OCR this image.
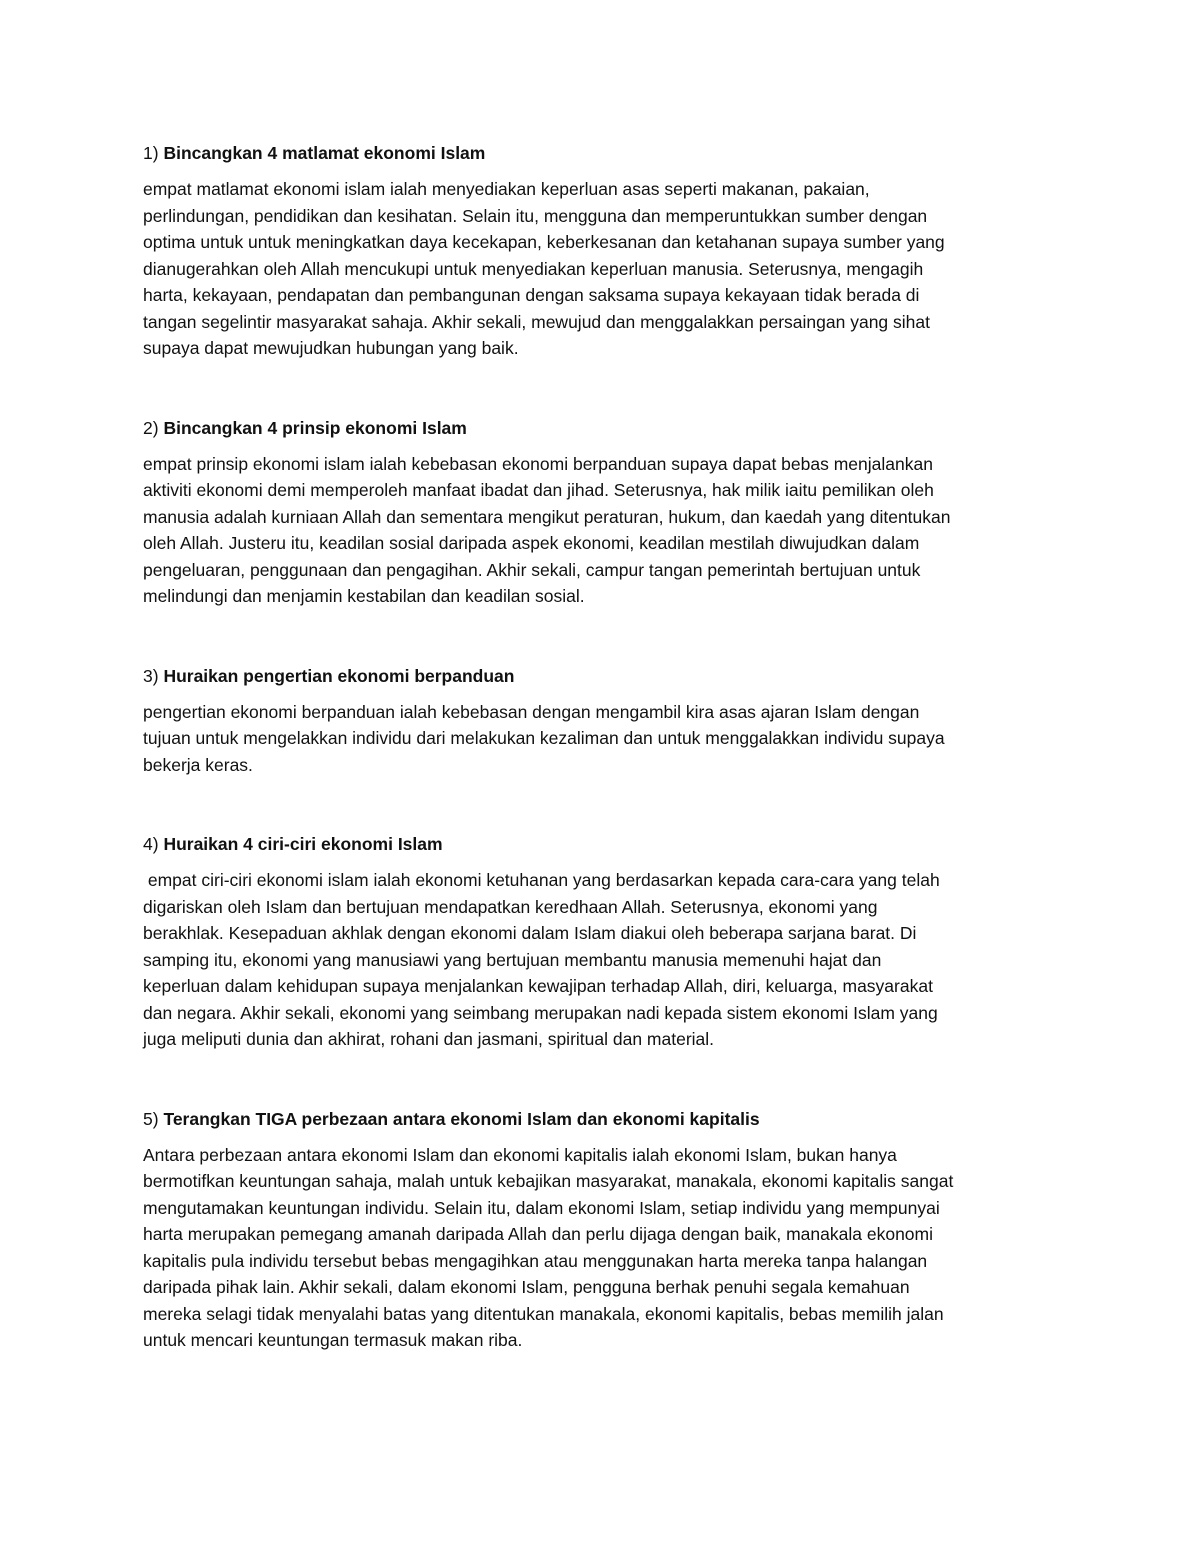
1) Bincangkan 4 matlamat ekonomi Islam

empat matlamat ekonomi islam ialah menyediakan keperluan asas seperti makanan, pakaian,
perlindungan, pendidikan dan kesihatan. Selain itu, mengguna dan memperuntukkan sumber dengan
optima untuk untuk meningkatkan daya kecekapan, keberkesanan dan ketahanan supaya sumber yang
dianugerahkan oleh Allah mencukupi untuk menyediakan keperluan manusia. Seterusnya, mengagih
harta, kekayaan, pendapatan dan pembangunan dengan saksama supaya kekayaan tidak berada di
tangan segelintir masyarakat sahaja. Akhir sekali, mewujud dan menggalakkan persaingan yang sihat
supaya dapat mewujudkan hubungan yang baik.

2) Bincangkan 4 prinsip ekonomi Islam

empat prinsip ekonomi islam ialah kebebasan ekonomi berpanduan supaya dapat bebas menjalankan
aktiviti ekonomi demi memperoleh manfaat ibadat dan jihad. Seterusnya, hak milik iaitu pemilikan oleh
manusia adalah kurniaan Allah dan sementara mengikut peraturan, hukum, dan kaedah yang ditentukan
oleh Allah. Justeru itu, keadilan sosial daripada aspek ekonomi, keadilan mestilah diwujudkan dalam
pengeluaran, penggunaan dan pengagihan. Akhir sekali, campur tangan pemerintah bertujuan untuk
melindungi dan menjamin kestabilan dan keadilan sosial.

3) Huraikan pengertian ekonomi berpanduan

pengertian ekonomi berpanduan ialah kebebasan dengan mengambil kira asas ajaran Islam dengan
tujuan untuk mengelakkan individu dari melakukan kezaliman dan untuk menggalakkan individu supaya
bekerja keras.

4) Huraikan 4 ciri-ciri ekonomi Islam

empat ciri-ciri ekonomi islam ialah ekonomi ketuhanan yang berdasarkan kepada cara-cara yang telah
digariskan oleh Islam dan bertujuan mendapatkan keredhaan Allah. Seterusnya, ekonomi yang
berakhlak. Kesepaduan akhlak dengan ekonomi dalam Islam diakui oleh beberapa sarjana barat. Di
samping itu, ekonomi yang manusiawi yang bertujuan membantu manusia memenuhi hajat dan
keperluan dalam kehidupan supaya menjalankan kewajipan terhadap Allah, diri, keluarga, masyarakat
dan negara. Akhir sekali, ekonomi yang seimbang merupakan nadi kepada sistem ekonomi Islam yang
juga meliputi dunia dan akhirat, rohani dan jasmani, spiritual dan material.

5) Terangkan TIGA perbezaan antara ekonomi Islam dan ekonomi kapitalis

Antara perbezaan antara ekonomi Islam dan ekonomi kapitalis ialah ekonomi Islam, bukan hanya
bermotifkan keuntungan sahaja, malah untuk kebajikan masyarakat, manakala, ekonomi kapitalis sangat
mengutamakan keuntungan individu. Selain itu, dalam ekonomi Islam, setiap individu yang mempunyai
harta merupakan pemegang amanah daripada Allah dan perlu dijaga dengan baik, manakala ekonomi
kapitalis pula individu tersebut bebas mengagihkan atau menggunakan harta mereka tanpa halangan
daripada pihak lain. Akhir sekali, dalam ekonomi Islam, pengguna berhak penuhi segala kemahuan
mereka selagi tidak menyalahi batas yang ditentukan manakala, ekonomi kapitalis, bebas memilih jalan
untuk mencari keuntungan termasuk makan riba.
